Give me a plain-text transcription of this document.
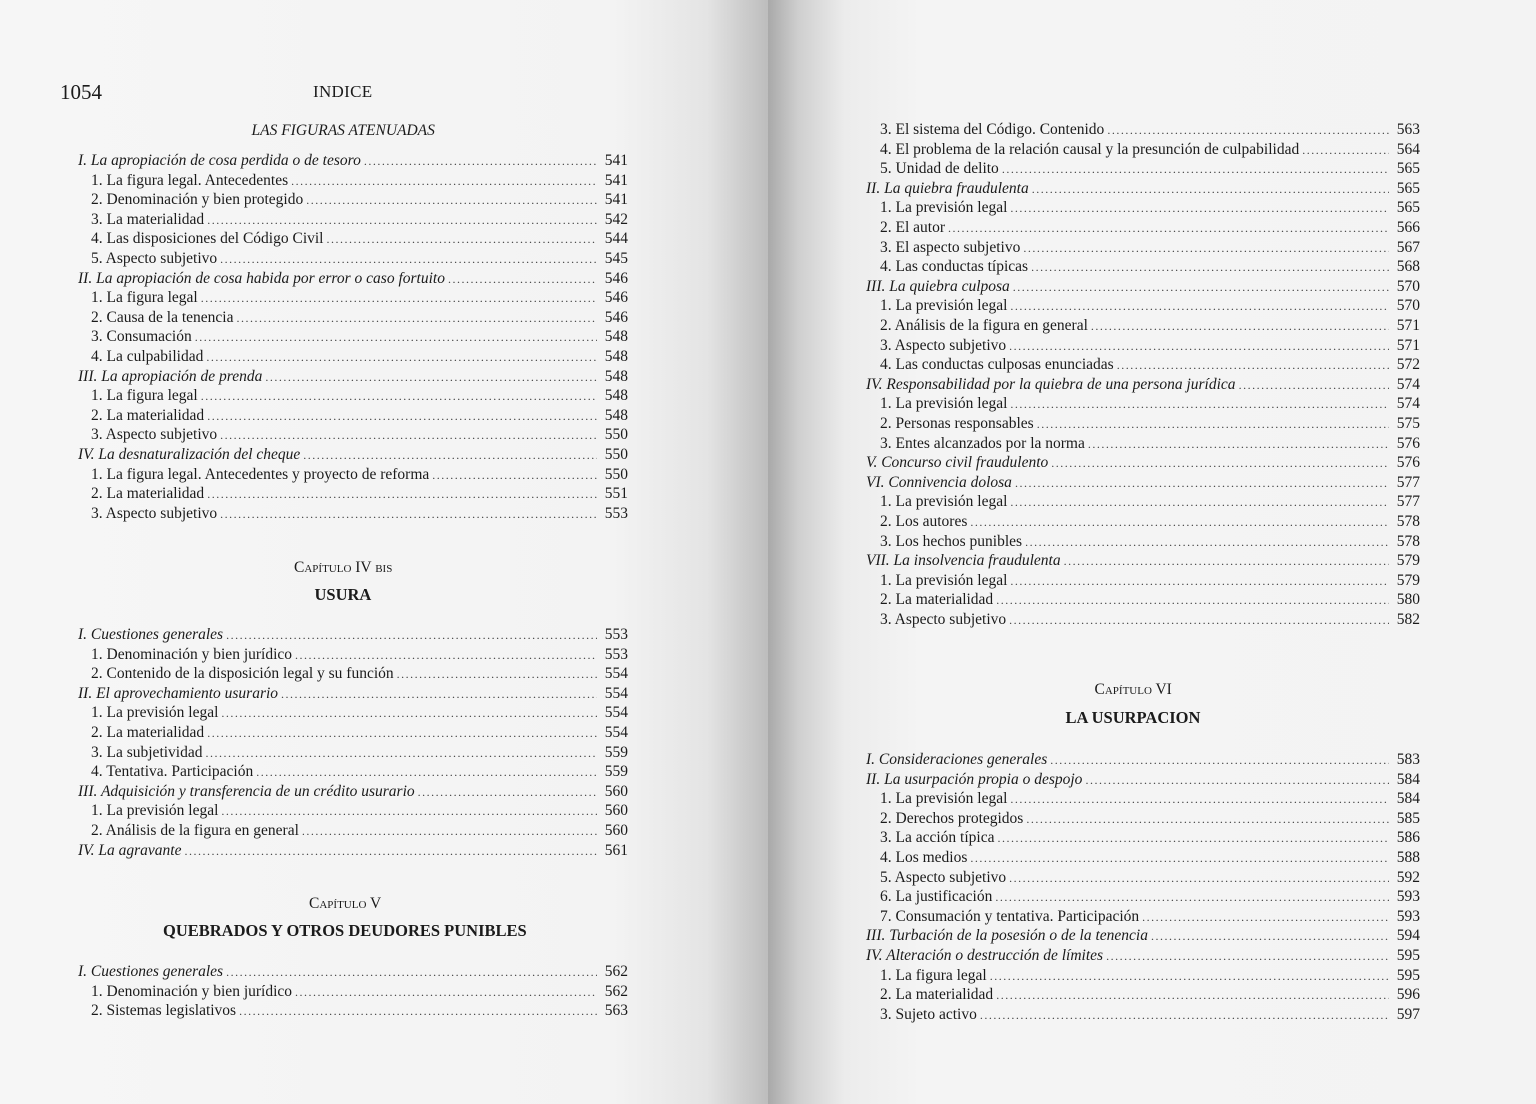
1054	INDICE
LAS FIGURAS ATENUADAS
I. La apropiación de cosa perdida o de tesoro .....	541
1. La figura legal. Antecedentes .....	541
2. Denominación y bien protegido .....	541
3. La materialidad .....	542
4. Las disposiciones del Código Civil .....	544
5. Aspecto subjetivo .....	545
II. La apropiación de cosa habida por error o caso fortuito .....	546
1. La figura legal .....	546
2. Causa de la tenencia .....	546
3. Consumación .....	548
4. La culpabilidad .....	548
III. La apropiación de prenda .....	548
1. La figura legal .....	548
2. La materialidad .....	548
3. Aspecto subjetivo .....	550
IV. La desnaturalización del cheque .....	550
1. La figura legal. Antecedentes y proyecto de reforma .....	550
2. La materialidad .....	551
3. Aspecto subjetivo .....	553
Capítulo IV bis
USURA
I. Cuestiones generales .....	553
1. Denominación y bien jurídico .....	553
2. Contenido de la disposición legal y su función .....	554
II. El aprovechamiento usurario .....	554
1. La previsión legal .....	554
2. La materialidad .....	554
3. La subjetividad .....	559
4. Tentativa. Participación .....	559
III. Adquisición y transferencia de un crédito usurario .....	560
1. La previsión legal .....	560
2. Análisis de la figura en general .....	560
IV. La agravante .....	561
Capítulo V
QUEBRADOS Y OTROS DEUDORES PUNIBLES
I. Cuestiones generales .....	562
1. Denominación y bien jurídico .....	562
2. Sistemas legislativos .....	563
3. El sistema del Código. Contenido .....	563
4. El problema de la relación causal y la presunción de culpabilidad .....	564
5. Unidad de delito .....	565
II. La quiebra fraudulenta .....	565
1. La previsión legal .....	565
2. El autor .....	566
3. El aspecto subjetivo .....	567
4. Las conductas típicas .....	568
III. La quiebra culposa .....	570
1. La previsión legal .....	570
2. Análisis de la figura en general .....	571
3. Aspecto subjetivo .....	571
4. Las conductas culposas enunciadas .....	572
IV. Responsabilidad por la quiebra de una persona jurídica .....	574
1. La previsión legal .....	574
2. Personas responsables .....	575
3. Entes alcanzados por la norma .....	576
V. Concurso civil fraudulento .....	576
VI. Connivencia dolosa .....	577
1. La previsión legal .....	577
2. Los autores .....	578
3. Los hechos punibles .....	578
VII. La insolvencia fraudulenta .....	579
1. La previsión legal .....	579
2. La materialidad .....	580
3. Aspecto subjetivo .....	582
Capítulo VI
LA USURPACION
I. Consideraciones generales .....	583
II. La usurpación propia o despojo .....	584
1. La previsión legal .....	584
2. Derechos protegidos .....	585
3. La acción típica .....	586
4. Los medios .....	588
5. Aspecto subjetivo .....	592
6. La justificación .....	593
7. Consumación y tentativa. Participación .....	593
III. Turbación de la posesión o de la tenencia .....	594
IV. Alteración o destrucción de límites .....	595
1. La figura legal .....	595
2. La materialidad .....	596
3. Sujeto activo .....	597
